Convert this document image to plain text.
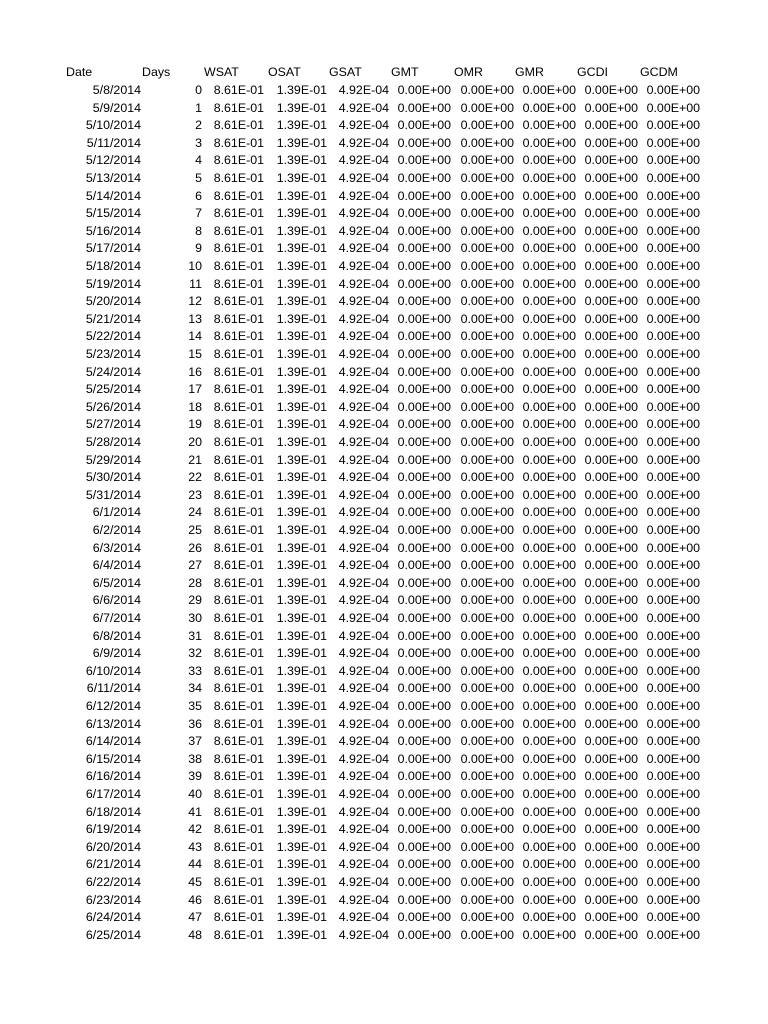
Date	Days	WSAT OSAT GSAT GMT	OMR	GMR	GCDI	GCDM
5/8/2014	0 8.61E-01	1.39E-01 4.92E-04 0.00E+00 0.00E+00 0.00E+00 0.00E+00 0.00E+00
5/9/2014	1 8.61E-01	1.39E-01 4.92E-04 0.00E+00 0.00E+00 0.00E+00 0.00E+00 0.00E+00
5/10/2014	2 8.61E-01	1.39E-01 4.92E-04 0.00E+00 0.00E+00 0.00E+00 0.00E+00 0.00E+00
5/11/2014	3 8.61E-01	1.39E-01 4.92E-04 0.00E+00 0.00E+00 0.00E+00 0.00E+00 0.00E+00
5/12/2014	4 8.61E-01	1.39E-01 4.92E-04 0.00E+00 0.00E+00 0.00E+00 0.00E+00 0.00E+00
5/13/2014	5 8.61E-01	1.39E-01 4.92E-04 0.00E+00 0.00E+00 0.00E+00 0.00E+00 0.00E+00
5/14/2014	6 8.61E-01	1.39E-01 4.92E-04 0.00E+00 0.00E+00 0.00E+00 0.00E+00 0.00E+00
5/15/2014	7 8.61E-01	1.39E-01 4.92E-04 0.00E+00 0.00E+00 0.00E+00 0.00E+00 0.00E+00
5/16/2014	8 8.61E-01	1.39E-01 4.92E-04 0.00E+00 0.00E+00 0.00E+00 0.00E+00 0.00E+00
5/17/2014	9 8.61E-01	1.39E-01 4.92E-04 0.00E+00 0.00E+00 0.00E+00 0.00E+00 0.00E+00
5/18/2014	10 8.61E-01	1.39E-01 4.92E-04 0.00E+00 0.00E+00 0.00E+00 0.00E+00 0.00E+00
5/19/2014	11 8.61E-01	1.39E-01 4.92E-04 0.00E+00 0.00E+00 0.00E+00 0.00E+00 0.00E+00
5/20/2014	12 8.61E-01	1.39E-01 4.92E-04 0.00E+00 0.00E+00 0.00E+00 0.00E+00 0.00E+00
5/21/2014	13 8.61E-01	1.39E-01 4.92E-04 0.00E+00 0.00E+00 0.00E+00 0.00E+00 0.00E+00
5/22/2014	14 8.61E-01	1.39E-01 4.92E-04 0.00E+00 0.00E+00 0.00E+00 0.00E+00 0.00E+00
5/23/2014	15 8.61E-01	1.39E-01 4.92E-04 0.00E+00 0.00E+00 0.00E+00 0.00E+00 0.00E+00
5/24/2014	16 8.61E-01	1.39E-01 4.92E-04 0.00E+00 0.00E+00 0.00E+00 0.00E+00 0.00E+00
5/25/2014	17 8.61E-01	1.39E-01 4.92E-04 0.00E+00 0.00E+00 0.00E+00 0.00E+00 0.00E+00
5/26/2014	18 8.61E-01	1.39E-01 4.92E-04 0.00E+00 0.00E+00 0.00E+00 0.00E+00 0.00E+00
5/27/2014	19 8.61E-01	1.39E-01 4.92E-04 0.00E+00 0.00E+00 0.00E+00 0.00E+00 0.00E+00
5/28/2014	20 8.61E-01	1.39E-01 4.92E-04 0.00E+00 0.00E+00 0.00E+00 0.00E+00 0.00E+00
5/29/2014	21 8.61E-01	1.39E-01 4.92E-04 0.00E+00 0.00E+00 0.00E+00 0.00E+00 0.00E+00
5/30/2014	22 8.61E-01	1.39E-01 4.92E-04 0.00E+00 0.00E+00 0.00E+00 0.00E+00 0.00E+00
5/31/2014	23 8.61E-01	1.39E-01 4.92E-04 0.00E+00 0.00E+00 0.00E+00 0.00E+00 0.00E+00
6/1/2014	24 8.61E-01	1.39E-01 4.92E-04 0.00E+00 0.00E+00 0.00E+00 0.00E+00 0.00E+00
6/2/2014	25 8.61E-01	1.39E-01 4.92E-04 0.00E+00 0.00E+00 0.00E+00 0.00E+00 0.00E+00
6/3/2014	26 8.61E-01	1.39E-01 4.92E-04 0.00E+00 0.00E+00 0.00E+00 0.00E+00 0.00E+00
6/4/2014	27 8.61E-01	1.39E-01 4.92E-04 0.00E+00 0.00E+00 0.00E+00 0.00E+00 0.00E+00
6/5/2014	28 8.61E-01	1.39E-01 4.92E-04 0.00E+00 0.00E+00 0.00E+00 0.00E+00 0.00E+00
6/6/2014	29 8.61E-01	1.39E-01 4.92E-04 0.00E+00 0.00E+00 0.00E+00 0.00E+00 0.00E+00
6/7/2014	30 8.61E-01	1.39E-01 4.92E-04 0.00E+00 0.00E+00 0.00E+00 0.00E+00 0.00E+00
6/8/2014	31 8.61E-01	1.39E-01 4.92E-04 0.00E+00 0.00E+00 0.00E+00 0.00E+00 0.00E+00
6/9/2014	32 8.61E-01	1.39E-01 4.92E-04 0.00E+00 0.00E+00 0.00E+00 0.00E+00 0.00E+00
6/10/2014	33 8.61E-01	1.39E-01 4.92E-04 0.00E+00 0.00E+00 0.00E+00 0.00E+00 0.00E+00
6/11/2014	34 8.61E-01	1.39E-01 4.92E-04 0.00E+00 0.00E+00 0.00E+00 0.00E+00 0.00E+00
6/12/2014	35 8.61E-01	1.39E-01 4.92E-04 0.00E+00 0.00E+00 0.00E+00 0.00E+00 0.00E+00
6/13/2014	36 8.61E-01	1.39E-01 4.92E-04 0.00E+00 0.00E+00 0.00E+00 0.00E+00 0.00E+00
6/14/2014	37 8.61E-01	1.39E-01 4.92E-04 0.00E+00 0.00E+00 0.00E+00 0.00E+00 0.00E+00
6/15/2014	38 8.61E-01	1.39E-01 4.92E-04 0.00E+00 0.00E+00 0.00E+00 0.00E+00 0.00E+00
6/16/2014	39 8.61E-01	1.39E-01 4.92E-04 0.00E+00 0.00E+00 0.00E+00 0.00E+00 0.00E+00
6/17/2014	40 8.61E-01	1.39E-01 4.92E-04 0.00E+00 0.00E+00 0.00E+00 0.00E+00 0.00E+00
6/18/2014	41 8.61E-01	1.39E-01 4.92E-04 0.00E+00 0.00E+00 0.00E+00 0.00E+00 0.00E+00
6/19/2014	42 8.61E-01	1.39E-01 4.92E-04 0.00E+00 0.00E+00 0.00E+00 0.00E+00 0.00E+00
6/20/2014	43 8.61E-01	1.39E-01 4.92E-04 0.00E+00 0.00E+00 0.00E+00 0.00E+00 0.00E+00
6/21/2014	44 8.61E-01	1.39E-01 4.92E-04 0.00E+00 0.00E+00 0.00E+00 0.00E+00 0.00E+00
6/22/2014	45 8.61E-01	1.39E-01 4.92E-04 0.00E+00 0.00E+00 0.00E+00 0.00E+00 0.00E+00
6/23/2014	46 8.61E-01	1.39E-01 4.92E-04 0.00E+00 0.00E+00 0.00E+00 0.00E+00 0.00E+00
6/24/2014	47 8.61E-01	1.39E-01 4.92E-04 0.00E+00 0.00E+00 0.00E+00 0.00E+00 0.00E+00
6/25/2014	48 8.61E-01	1.39E-01 4.92E-04 0.00E+00 0.00E+00 0.00E+00 0.00E+00 0.00E+00
